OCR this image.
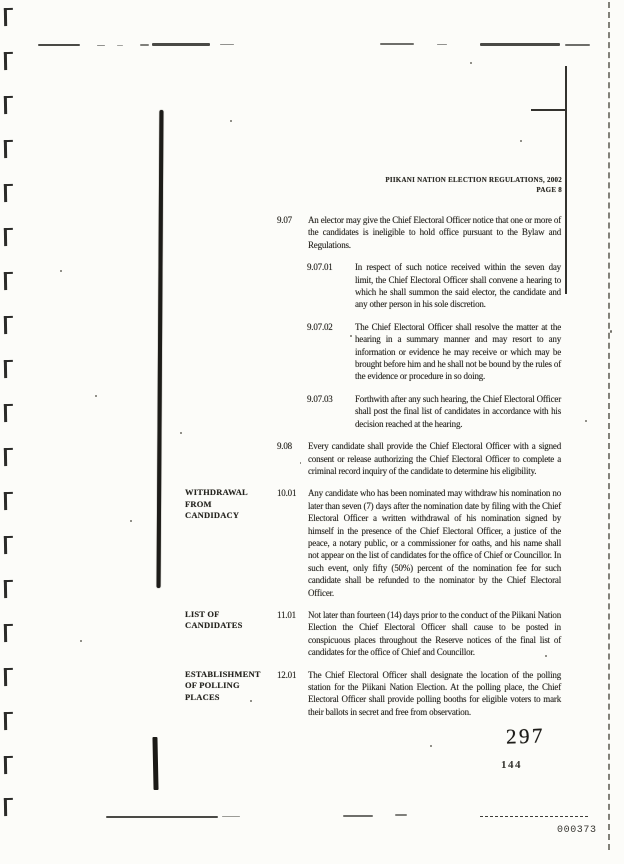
PIIKANI NATION ELECTION REGULATIONS, 2002
PAGE 8
9.07 An elector may give the Chief Electoral Officer notice that one or more of the candidates is ineligible to hold office pursuant to the Bylaw and Regulations.
9.07.01 In respect of such notice received within the seven day limit, the Chief Electoral Officer shall convene a hearing to which he shall summon the said elector, the candidate and any other person in his sole discretion.
9.07.02 The Chief Electoral Officer shall resolve the matter at the hearing in a summary manner and may resort to any information or evidence he may receive or which may be brought before him and he shall not be bound by the rules of the evidence or procedure in so doing.
9.07.03 Forthwith after any such hearing, the Chief Electoral Officer shall post the final list of candidates in accordance with his decision reached at the hearing.
9.08 Every candidate shall provide the Chief Electoral Officer with a signed consent or release authorizing the Chief Electoral Officer to complete a criminal record inquiry of the candidate to determine his eligibility.
WITHDRAWAL
FROM
CANDIDACY
10.01 Any candidate who has been nominated may withdraw his nomination no later than seven (7) days after the nomination date by filing with the Chief Electoral Officer a written withdrawal of his nomination signed by himself in the presence of the Chief Electoral Officer, a justice of the peace, a notary public, or a commissioner for oaths, and his name shall not appear on the list of candidates for the office of Chief or Councillor. In such event, only fifty (50%) percent of the nomination fee for such candidate shall be refunded to the nominator by the Chief Electoral Officer.
LIST OF
CANDIDATES
11.01 Not later than fourteen (14) days prior to the conduct of the Piikani Nation Election the Chief Electoral Officer shall cause to be posted in conspicuous places throughout the Reserve notices of the final list of candidates for the office of Chief and Councillor.
ESTABLISHMENT
OF POLLING
PLACES
12.01 The Chief Electoral Officer shall designate the location of the polling station for the Piikani Nation Election. At the polling place, the Chief Electoral Officer shall provide polling booths for eligible voters to mark their ballots in secret and free from observation.
297
144
000373
